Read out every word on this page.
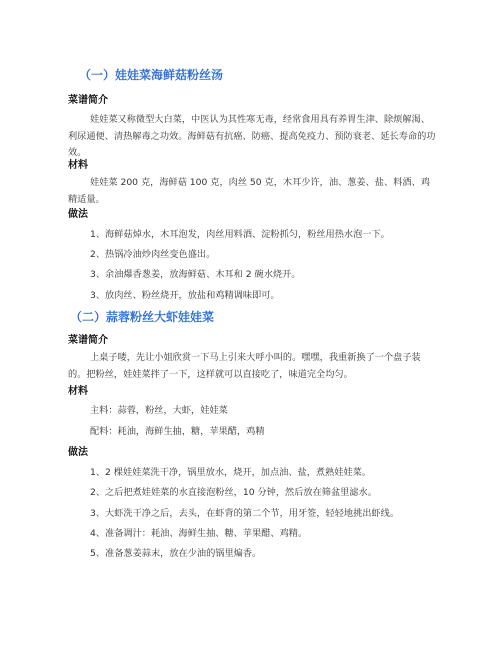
（一）娃娃菜海鲜菇粉丝汤
菜谱简介

娃娃菜又称微型大白菜，中医认为其性寒无毒，经常食用具有养胃生津、除烦解渴、利尿通便、清热解毒之功效。海鲜菇有抗癌、防癌、提高免疫力、预防衰老、延长寿命的功效。

材料

娃娃菜 200 克，海鲜菇 100 克，肉丝 50 克，木耳少许，油、葱姜、盐、料酒、鸡精适量。

做法
1、海鲜菇焯水，木耳泡发，肉丝用料酒、淀粉抓匀，粉丝用热水泡一下。
2、热锅冷油炒肉丝变色盛出。
3、余油爆香葱姜，放海鲜菇、木耳和 2 碗水烧开。
3、放肉丝、粉丝烧开，放盐和鸡精调味即可。
（二）蒜蓉粉丝大虾娃娃菜
菜谱简介

上桌子喽，先让小姐欣赏一下马上引来大呼小叫的。嘿嘿，我重新换了一个盘子装的。把粉丝，娃娃菜拌了一下，这样就可以直接吃了，味道完全均匀。

材料
主料：蒜蓉，粉丝，大虾，娃娃菜
配料：耗油，海鲜生抽，糖，苹果醋，鸡精
做法
1、2 棵娃娃菜洗干净，锅里放水，烧开，加点油、盐，煮熟娃娃菜。
2、之后把煮娃娃菜的水直接泡粉丝，10 分钟，然后放在筛盆里滤水。
3、大虾洗干净之后，去头，在虾背的第二个节，用牙签，轻轻地挑出虾线。
4、准备调汁：耗油、海鲜生抽、糖、苹果醋、鸡精。
5、准备葱姜蒜末，放在少油的锅里煸香。
